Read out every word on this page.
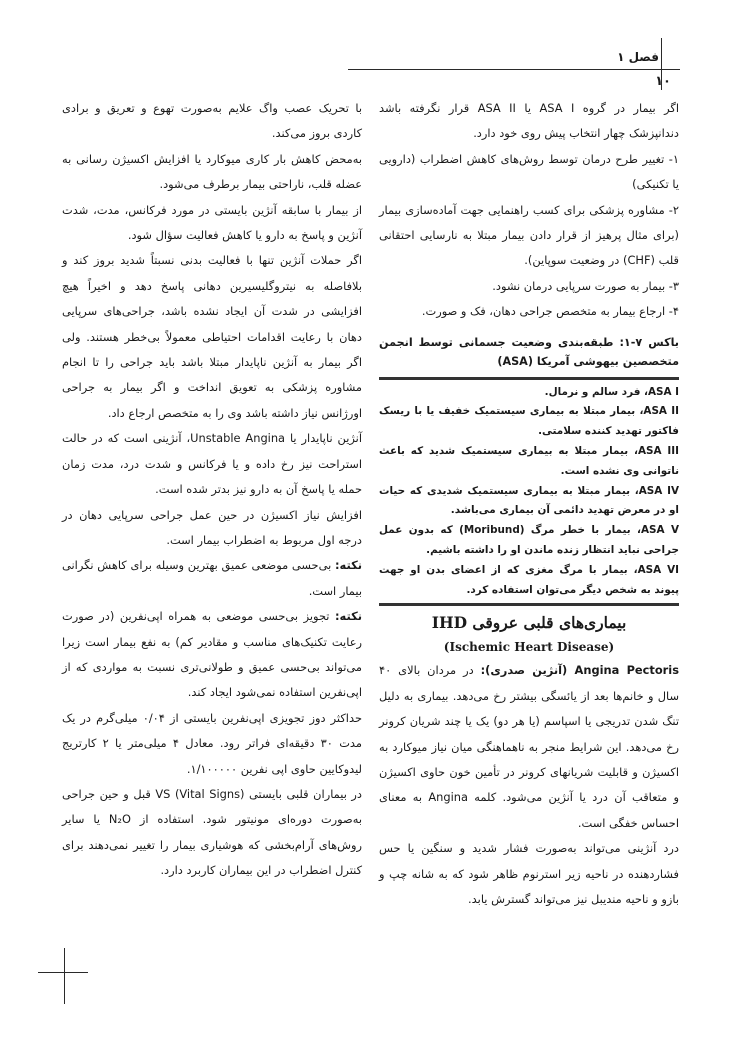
فصل ۱
۱۰

اگر بیمار در گروه ASA I یا ASA II قرار نگرفته باشد دندانپزشک چهار انتخاب پیش روی خود دارد.

۱- تغییر طرح درمان توسط روش‌های کاهش اضطراب (دارویی یا تکنیکی)

۲- مشاوره پزشکی برای کسب راهنمایی جهت آماده‌سازی بیمار (برای مثال پرهیز از قرار دادن بیمار مبتلا به نارسایی احتقانی قلب (CHF) در وضعیت سوپاین).

۳- بیمار به صورت سرپایی درمان نشود.

۴- ارجاع بیمار به متخصص جراحی دهان، فک و صورت.

باکس ۷-۱: طبقه‌بندی وضعیت جسمانی توسط انجمن متخصصین بیهوشی آمریکا (ASA)

ASA I، فرد سالم و نرمال.

ASA II، بیمار مبتلا به بیماری سیستمیک خفیف یا با ریسک فاکتور تهدید کننده سلامتی.

ASA III، بیمار مبتلا به بیماری سیستمیک شدید که باعث ناتوانی وی نشده است.

ASA IV، بیمار مبتلا به بیماری سیستمیک شدیدی که حیات او در معرض تهدید دائمی آن بیماری می‌باشد.

ASA V، بیمار با خطر مرگ (Moribund) که بدون عمل جراحی نباید انتظار زنده ماندن او را داشته باشیم.

ASA VI، بیمار با مرگ مغزی که از اعضای بدن او جهت پیوند به شخص دیگر می‌توان استفاده کرد.

بیماری‌های قلبی عروقی IHD

(Ischemic Heart Disease)

Angina Pectoris (آنژین صدری): در مردان بالای ۴۰ سال و خانم‌ها بعد از یائسگی بیشتر رخ می‌دهد. بیماری به دلیل تنگ شدن تدریجی یا اسپاسم (یا هر دو) یک یا چند شریان کرونر رخ می‌دهد. این شرایط منجر به ناهماهنگی میان نیاز میوکارد به اکسیژن و قابلیت شریانهای کرونر در تأمین خون حاوی اکسیژن و متعاقب آن درد یا آنژین می‌شود. کلمه Angina به معنای احساس خفگی است.

درد آنژینی می‌تواند به‌صورت فشار شدید و سنگین یا حس فشاردهنده در ناحیه زیر استرنوم ظاهر شود که به شانه چپ و بازو و ناحیه مندیبل نیز می‌تواند گسترش یابد.

با تحریک عصب واگ علایم به‌صورت تهوع و تعریق و برادی کاردی بروز می‌کند.

به‌محض کاهش بار کاری میوکارد یا افزایش اکسیژن رسانی به عضله قلب، ناراحتی بیمار برطرف می‌شود.

از بیمار با سابقه آنژین بایستی در مورد فرکانس، مدت، شدت آنژین و پاسخ به دارو یا کاهش فعالیت سؤال شود.

اگر حملات آنژین تنها با فعالیت بدنی نسبتاً شدید بروز کند و بلافاصله به نیتروگلیسیرین دهانی پاسخ دهد و اخیراً هیچ افزایشی در شدت آن ایجاد نشده باشد، جراحی‌های سرپایی دهان با رعایت اقدامات احتیاطی معمولاً بی‌خطر هستند. ولی اگر بیمار به آنژین ناپایدار مبتلا باشد باید جراحی را تا انجام مشاوره پزشکی به تعویق انداخت و اگر بیمار به جراحی اورژانس نیاز داشته باشد وی را به متخصص ارجاع داد.

آنژین ناپایدار یا Unstable Angina، آنژینی است که در حالت استراحت نیز رخ داده و یا فرکانس و شدت درد، مدت زمان حمله یا پاسخ آن به دارو نیز بدتر شده است.

افزایش نیاز اکسیژن در حین عمل جراحی سرپایی دهان در درجه اول مربوط به اضطراب بیمار است.

نکته: بی‌حسی موضعی عمیق بهترین وسیله برای کاهش نگرانی بیمار است.

نکته: تجویز بی‌حسی موضعی به همراه اپی‌نفرین (در صورت رعایت تکنیک‌های مناسب و مقادیر کم) به نفع بیمار است زیرا می‌تواند بی‌حسی عمیق و طولانی‌تری نسبت به مواردی که از اپی‌نفرین استفاده نمی‌شود ایجاد کند.

حداکثر دوز تجویزی اپی‌نفرین بایستی از ۰/۰۴ میلی‌گرم در یک مدت ۳۰ دقیقه‌ای فراتر رود. معادل ۴ میلی‌متر یا ۲ کارتریج لیدوکایین حاوی اپی نفرین ۱/۱۰۰۰۰۰.

در بیماران قلبی بایستی VS (Vital Signs) قبل و حین جراحی به‌صورت دوره‌ای مونیتور شود. استفاده از N₂O یا سایر روش‌های آرام‌بخشی که هوشیاری بیمار را تغییر نمی‌دهند برای کنترل اضطراب در این بیماران کاربرد دارد.
